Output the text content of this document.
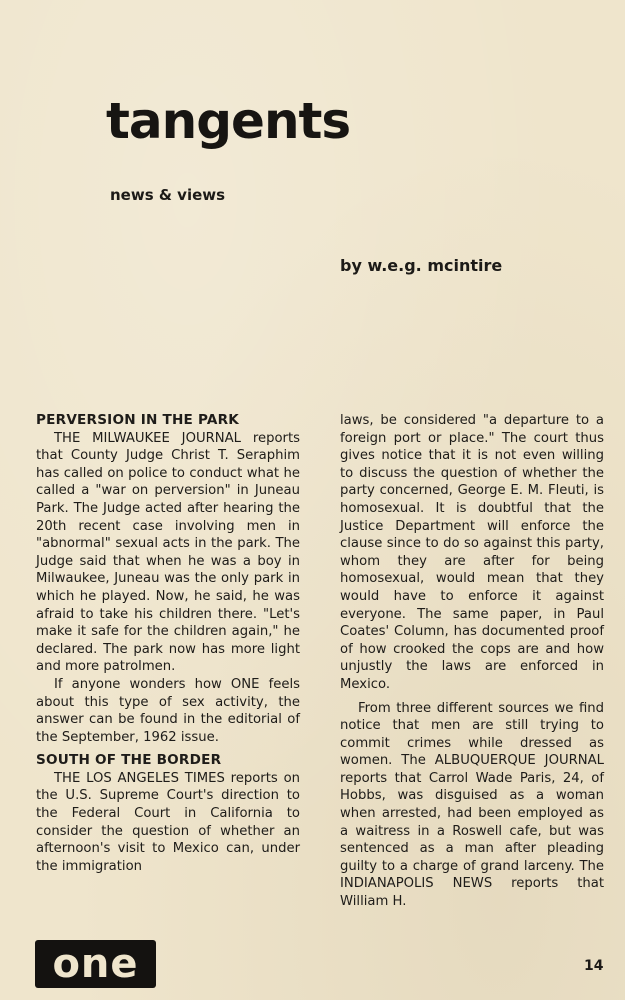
tangents
news & views
by w.e.g. mcintire
PERVERSION IN THE PARK

THE MILWAUKEE JOURNAL reports that County Judge Christ T. Seraphim has called on police to conduct what he called a "war on perversion" in Juneau Park. The Judge acted after hearing the 20th recent case involving men in "abnormal" sexual acts in the park. The Judge said that when he was a boy in Milwaukee, Juneau was the only park in which he played. Now, he said, he was afraid to take his children there. "Let's make it safe for the children again," he declared. The park now has more light and more patrolmen.

If anyone wonders how ONE feels about this type of sex activity, the answer can be found in the editorial of the September, 1962 issue.

SOUTH OF THE BORDER

THE LOS ANGELES TIMES reports on the U.S. Supreme Court's direction to the Federal Court in California to consider the question of whether an afternoon's visit to Mexico can, under the immigration

laws, be considered "a departure to a foreign port or place." The court thus gives notice that it is not even willing to discuss the question of whether the party concerned, George E. M. Fleuti, is homosexual. It is doubtful that the Justice Department will enforce the clause since to do so against this party, whom they are after for being homosexual, would mean that they would have to enforce it against everyone. The same paper, in Paul Coates' Column, has documented proof of how crooked the cops are and how unjustly the laws are enforced in Mexico.

From three different sources we find notice that men are still trying to commit crimes while dressed as women. The ALBUQUERQUE JOURNAL reports that Carrol Wade Paris, 24, of Hobbs, was disguised as a woman when arrested, had been employed as a waitress in a Roswell cafe, but was sentenced as a man after pleading guilty to a charge of grand larceny. The INDIANAPOLIS NEWS reports that William H.

one	14
